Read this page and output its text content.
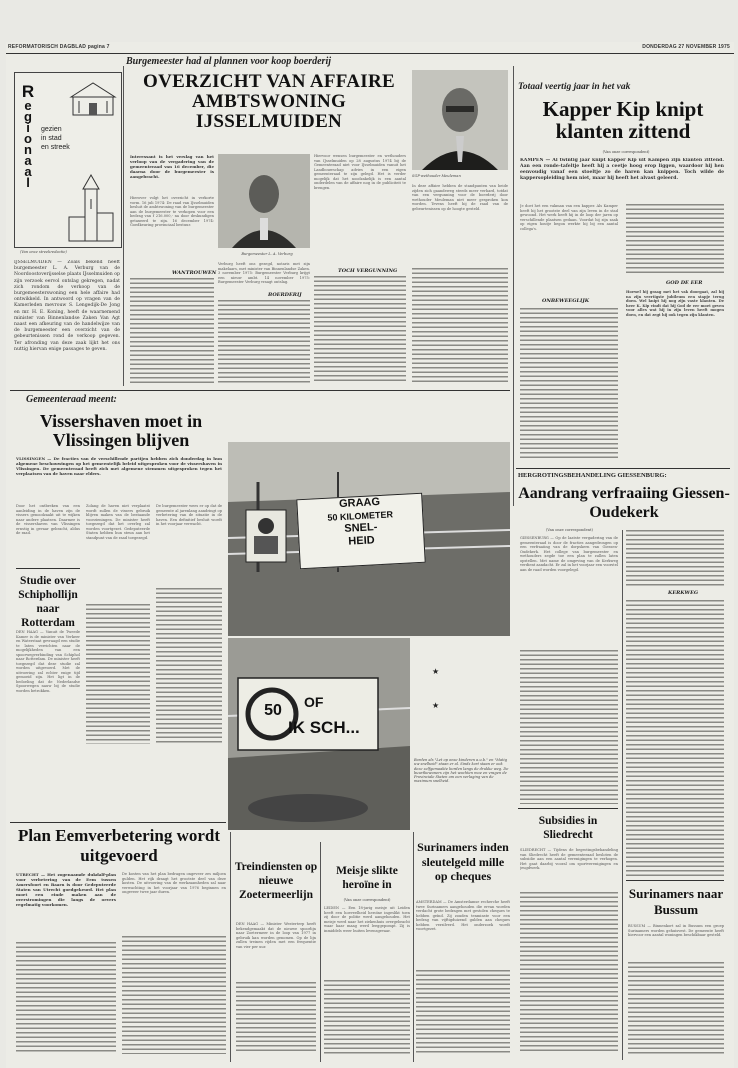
REFORMATORISCH DAGBLAD pagina 7	DONDERDAG 27 NOVEMBER 1975
R
e
g
i
o
n
a
a
l
gezien
in stad
en streek
(Van onze streekredactie)
IJSSELMUIDEN — Zoals bekend heeft burgemeester L. A. Verburg van de Noordoostoverijsselse plaats IJsselmuiden op zijn verzoek eervol ontslag gekregen, nadat zich rondom de verkoop van de burgemeesterswoning een hele affaire had ontwikkeld. In antwoord op vragen van de Kamerleden mevrouw S. Lengedijk-De Jong en mr. H. E. Koning, heeft de waarnemend minister van Binnenlandse Zaken Van Agt naast een afkeuring van de handelwijze van de burgemeester een overzicht van de gebeurtenissen rond de verkoop gegeven. Ter afronding van deze zaak lijkt het ons nuttig hiervan enige passages te geven.
Burgemeester had al plannen voor koop boerderij
OVERZICHT VAN AFFAIRE AMBTSWONING IJSSELMUIDEN
Interessant is het verslag van het verloop van de vergadering van de gemeenteraad van 16 december, die daarna door de burgemeester is aangebracht.
Hierover volgt het overzicht in verkorte vorm. 16 juli 1974: De raad van IJsselmuiden besluit de ambtswoning van de burgemeester aan de burgemeester te verkopen voor een bedrag van f 216.000,- na door deskundigen getaxeerd te zijn. 16 december 1974: Goedkeuring provinciaal bestuur.
WANTROUWEN
Burgemeester L. A. Verburg
Verburg heeft ons gezegd, notaris met zijn makelaars, met minister van Binnenlandse Zaken. 3 november 1975: Burgemeester Verburg krijgt een nieuw ambt. 14 november 1975: Burgemeester Verburg vraagt ontslag.
BOERDERIJ
Hiervoor wensen burgemeester en wethouders van IJsselmuiden op 28 augustus 1974 bij de Gemeenteraad niet voor IJsselmuiden vanuit het Landbouwschap advies in een eigen gemeenteraad te zijn gelegd. Het is verder mogelijk dat het noodzakelijk is een aantal onderdelen van de affaire nog in de publiciteit te brengen.
TOCH VERGUNNING
SGP-wethouder Meuleman
In deze affaire hebben de standpunten van beide zijden zich gaandeweg steeds meer verhard, totdat van een vergunning voor de boerderij door wethouder Meuleman niet meer gesproken kon worden. Tevens heeft hij de raad van de gebeurtenissen op de hoogte gesteld.
Totaal veertig jaar in het vak
Kapper Kip knipt klanten zittend
(Van onze correspondent)
KAMPEN — Al twintig jaar knipt kapper Kip uit Kampen zijn klanten zittend. Aan een ronde-tafeltje heeft hij a ceetje hoog erop liggen, waardoor hij hen eenvoudig vanaf een stoeltje zo de haren kan knippen. Toch wilde de kappersopleiding hem niet, maar hij heeft het alvast geleerd.
Je doet het een vakman van een kapper. Als Kamper heeft hij het grootste deel van zijn leven in de stad gewoond. Het werk heeft hij in de loop der jaren op verschillende plaatsen gedaan. Voordat hij zijn zaak op eigen houtje begon werkte hij bij een aantal collega's.
ONBEWEEGLIJK
GOD DE EER
Hoewel hij graag met het vak doorgaat, zal hij na zijn veertigste jubileum een stapje terug doen. Wel knipt hij nog zijn vaste klanten. De heer K. Kip vindt dat hij God de eer moet geven voor alles wat hij in zijn leven heeft mogen doen, en dat zegt hij ook tegen zijn klanten.
Gemeenteraad meent:
Vissershaven moet in Vlissingen blijven
VLISSINGEN — De fracties van de verschillende partijen hebben zich donderdag in hun algemene beschouwingen op het gemeentelijk beleid uitgesproken voor de vissershaven in Vlissingen. De gemeenteraad heeft zich met algemene stemmen uitgesproken tegen het verplaatsen van de haven naar elders.
Door het ontbreken van een aanleiding in de haven zijn de vissers genoodzaakt uit te wijken naar andere plaatsen. Daarmee is de vissershaven van Vlissingen ernstig in gevaar gebracht, aldus de raad.
Zolang de haven niet verplaatst wordt zullen de vissers gebruik blijven maken van de bestaande voorzieningen. De minister heeft toegezegd dat het overleg zal worden voortgezet. Gedeputeerde Staten hebben hun steun aan het standpunt van de raad toegezegd.
De burgemeester wees er op dat de gemeente al jarenlang aandringt op verbetering van de situatie in de haven. Een definitief besluit wordt in het voorjaar verwacht.
Studie over Schiphollijn naar Rotterdam
DEN HAAG — Vanuit de Tweede Kamer is de minister van Verkeer en Waterstaat gevraagd een studie te laten verrichten naar de mogelijkheden van een spoorwegverbinding van Schiphol naar Rotterdam. De minister heeft toegezegd dat deze studie zal worden uitgevoerd. Met de uitvoering zal echter enige tijd gemoeid zijn. Het ligt in de bedoeling dat de Nederlandse Spoorwegen nauw bij de studie worden betrokken.
GRAAG
50 KILOMETER
SNEL-
HEID
50	OF
IK SCH...
★
★
Borden als "Let op onze kinderen a.u.b." en "Matig uw snelheid" staan er al. Sinds kort staan er ook deze zelfgemaakte borden langs de drukke weg. De buurtbewoners zijn het wachten moe en vragen de Provinciale Staten om een verlaging van de maximum snelheid.
Plan Eemverbetering wordt uitgevoerd
UTRECHT — Het zogenaamde dukdalf-plan voor verbetering van de Eem tussen Amersfoort en Baarn is door Gedeputeerde Staten van Utrecht goedgekeurd. Het plan moet een einde maken aan de overstromingen die langs de oevers regelmatig voorkomen.
De kosten van het plan bedragen ongeveer zes miljoen gulden. Het rijk draagt het grootste deel van deze kosten. De uitvoering van de werkzaamheden zal naar verwachting in het voorjaar van 1976 beginnen en ongeveer twee jaar duren.
Treindiensten op nieuwe Zoetermeerlijn
DEN HAAG — Minister Westerterp heeft bekendgemaakt dat de nieuwe spoorlijn naar Zoetermeer in de loop van 1977 in gebruik kan worden genomen. Op de lijn zullen treinen rijden met een frequentie van vier per uur.
Meisje slikte heroïne in
(Van onze correspondent)
LEIDEN — Een 18-jarig meisje uit Leiden heeft een hoeveelheid heroïne ingeslikt toen zij door de politie werd aangehouden. Het meisje werd naar het ziekenhuis overgebracht waar haar maag werd leeggepompt. Zij is inmiddels weer buiten levensgevaar.
Surinamers inden sleutelgeld mille op cheques
AMSTERDAM — De Amsterdamse recherche heeft twee Surinamers aangehouden die ervan worden verdacht grote bedragen met gestolen cheques te hebben geïnd. Zij zouden tenminste voor een bedrag van vijftigduizend gulden aan cheques hebben verzilverd. Het onderzoek wordt voortgezet.
HERGROTINGSBEHANDELING GIESSENBURG:
Aandrang verfraaiing Giessen-Oudekerk
(Van onze correspondent)
GIESSENBURG — Op de laatste vergadering van de gemeenteraad is door de fracties aangedrongen op een verfraaiing van de dorpskern van Giessen-Oudekerk. Het college van burgemeester en wethouders zegde toe een plan te zullen laten opstellen. Met name de omgeving van de Kerkweg verdient aandacht. Er zal in het voorjaar een voorstel aan de raad worden voorgelegd.
KERKWEG
Subsidies in Sliedrecht
SLIEDRECHT — Tijdens de begrotingsbehandeling van Sliedrecht heeft de gemeenteraad besloten de subsidie aan een aantal verenigingen te verhogen. Het gaat daarbij vooral om sportverenigingen en jeugdwerk.
Surinamers naar Bussum
BUSSUM — Binnenkort zal in Bussum een groep Surinamers worden gehuisvest. De gemeente heeft hiervoor een aantal woningen beschikbaar gesteld.
